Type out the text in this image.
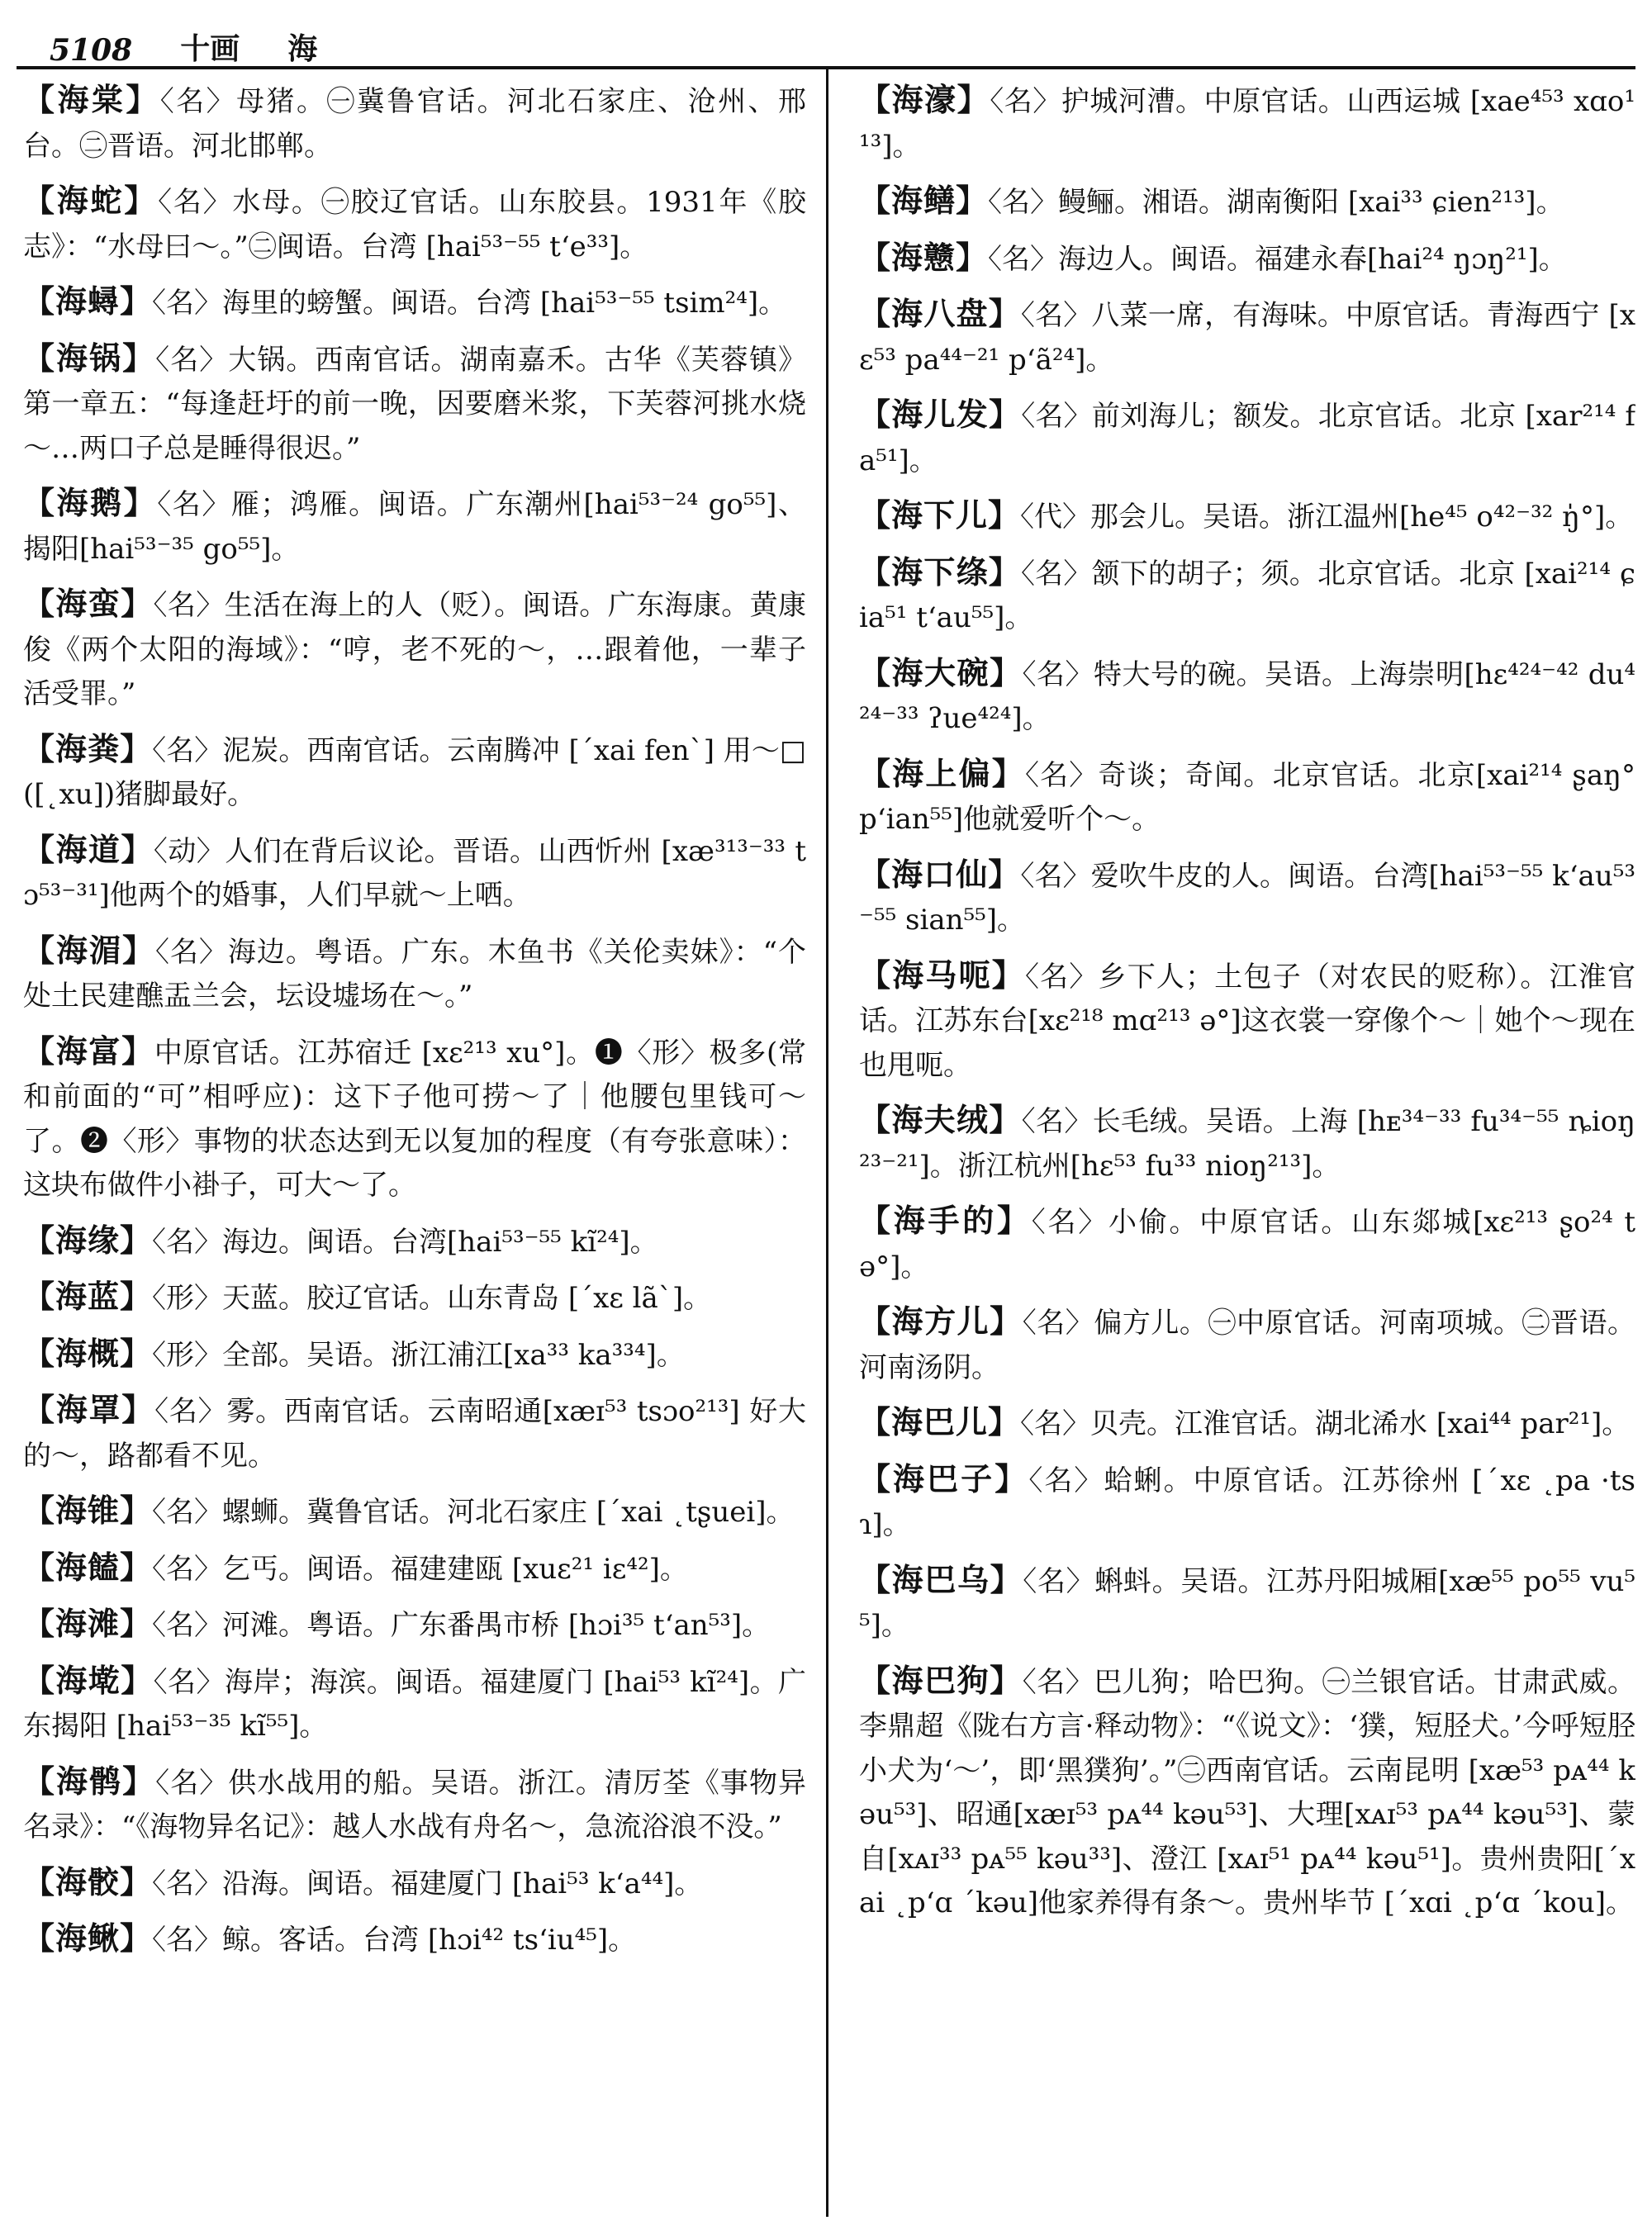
5108 十画 海

【海棠】〈名〉母猪。㊀冀鲁官话。河北石家庄、沧州、邢台。㊁晋语。河北邯郸。

【海蛇】〈名〉水母。㊀胶辽官话。山东胶县。1931年《胶志》：“水母曰～。”㊁闽语。台湾 [hai⁵³⁻⁵⁵ tʻe³³]。

【海蟳】〈名〉海里的螃蟹。闽语。台湾 [hai⁵³⁻⁵⁵ tsim²⁴]。

【海锅】〈名〉大锅。西南官话。湖南嘉禾。古华《芙蓉镇》第一章五：“每逢赶圩的前一晚，因要磨米浆，下芙蓉河挑水烧～…两口子总是睡得很迟。”

【海鹅】〈名〉雁；鸿雁。闽语。广东潮州[hai⁵³⁻²⁴ go⁵⁵]、揭阳[hai⁵³⁻³⁵ go⁵⁵]。

【海蛮】〈名〉生活在海上的人（贬）。闽语。广东海康。黄康俊《两个太阳的海域》：“哼，老不死的～，…跟着他，一辈子活受罪。”

【海粪】〈名〉泥炭。西南官话。云南腾冲 [ˊxai fenˋ] 用～□([˛xu])猪脚最好。

【海道】〈动〉人们在背后议论。晋语。山西忻州 [xæ³¹³⁻³³ tɔ⁵³⁻³¹]他两个的婚事，人们早就～上哂。

【海湄】〈名〉海边。粤语。广东。木鱼书《关伦卖妹》：“个处土民建醮盂兰会，坛设墟场在～。”

【海富】中原官话。江苏宿迁 [xɛ²¹³ xu°]。❶〈形〉极多(常和前面的“可”相呼应)：这下子他可捞～了｜他腰包里钱可～了。❷〈形〉事物的状态达到无以复加的程度（有夸张意味）：这块布做件小褂子，可大～了。

【海缘】〈名〉海边。闽语。台湾[hai⁵³⁻⁵⁵ kĩ²⁴]。

【海蓝】〈形〉天蓝。胶辽官话。山东青岛 [ˊxɛ lãˋ]。

【海概】〈形〉全部。吴语。浙江浦江[xa³³ ka³³⁴]。

【海罩】〈名〉雾。西南官话。云南昭通[xæɪ⁵³ tsɔo²¹³] 好大的～，路都看不见。

【海锥】〈名〉螺蛳。冀鲁官话。河北石家庄 [ˊxai ˛tʂuei]。

【海饁】〈名〉乞丐。闽语。福建建瓯 [xuɛ²¹ iɛ⁴²]。

【海滩】〈名〉河滩。粤语。广东番禺市桥 [hɔi³⁵ tʻan⁵³]。

【海墘】〈名〉海岸；海滨。闽语。福建厦门 [hai⁵³ kĩ²⁴]。广东揭阳 [hai⁵³⁻³⁵ kĩ⁵⁵]。

【海鹘】〈名〉供水战用的船。吴语。浙江。清厉荃《事物异名录》：“《海物异名记》：越人水战有舟名～，急流浴浪不没。”

【海骹】〈名〉沿海。闽语。福建厦门 [hai⁵³ kʻa⁴⁴]。

【海鳅】〈名〉鲸。客话。台湾 [hɔi⁴² tsʻiu⁴⁵]。

【海濠】〈名〉护城河漕。中原官话。山西运城 [xae⁴⁵³ xɑo¹¹³]。

【海鳝】〈名〉鳗鲡。湘语。湖南衡阳 [xai³³ ɕien²¹³]。

【海戆】〈名〉海边人。闽语。福建永春[hai²⁴ ŋɔŋ²¹]。

【海八盘】〈名〉八菜一席，有海味。中原官话。青海西宁 [xɛ⁵³ pa⁴⁴⁻²¹ pʻã²⁴]。

【海儿发】〈名〉前刘海儿；额发。北京官话。北京 [xar²¹⁴ fa⁵¹]。

【海下儿】〈代〉那会儿。吴语。浙江温州[he⁴⁵ o⁴²⁻³² ŋ̍°]。

【海下绦】〈名〉颔下的胡子；须。北京官话。北京 [xai²¹⁴ ɕia⁵¹ tʻau⁵⁵]。

【海大碗】〈名〉特大号的碗。吴语。上海崇明[hɛ⁴²⁴⁻⁴² du⁴²⁴⁻³³ ʔue⁴²⁴]。

【海上偏】〈名〉奇谈；奇闻。北京官话。北京[xai²¹⁴ ʂaŋ° pʻian⁵⁵]他就爱听个～。

【海口仙】〈名〉爱吹牛皮的人。闽语。台湾[hai⁵³⁻⁵⁵ kʻau⁵³⁻⁵⁵ sian⁵⁵]。

【海马呃】〈名〉乡下人；土包子（对农民的贬称）。江淮官话。江苏东台[xɛ²¹⁸ mɑ²¹³ ə°]这衣裳一穿像个～｜她个～现在也甩呃。

【海夫绒】〈名〉长毛绒。吴语。上海 [hᴇ³⁴⁻³³ fu³⁴⁻⁵⁵ ȵioŋ²³⁻²¹]。浙江杭州[hɛ⁵³ fu³³ nioŋ²¹³]。

【海手的】〈名〉小偷。中原官话。山东郯城[xɛ²¹³ ʂo²⁴ tə°]。

【海方儿】〈名〉偏方儿。㊀中原官话。河南项城。㊁晋语。河南汤阴。

【海巴儿】〈名〉贝壳。江淮官话。湖北浠水 [xai⁴⁴ par²¹]。

【海巴子】〈名〉蛤蜊。中原官话。江苏徐州 [ˊxɛ ˛pa ·tsɿ]。

【海巴乌】〈名〉蝌蚪。吴语。江苏丹阳城厢[xæ⁵⁵ po⁵⁵ vu⁵⁵]。

【海巴狗】〈名〉巴儿狗；哈巴狗。㊀兰银官话。甘肃武威。李鼎超《陇右方言·释动物》：“《说文》：‘獛，短胫犬。’今呼短胫小犬为‘～’，即‘黑獛狗’。”㊁西南官话。云南昆明 [xæ⁵³ pᴀ⁴⁴ kəu⁵³]、昭通[xæɪ⁵³ pᴀ⁴⁴ kəu⁵³]、大理[xᴀɪ⁵³ pᴀ⁴⁴ kəu⁵³]、蒙自[xᴀɪ³³ pᴀ⁵⁵ kəu³³]、澄江 [xᴀɪ⁵¹ pᴀ⁴⁴ kəu⁵¹]。贵州贵阳[ˊxai ˛pʻɑ ˊkəu]他家养得有条～。贵州毕节 [ˊxɑi ˛pʻɑ ˊkou]。
